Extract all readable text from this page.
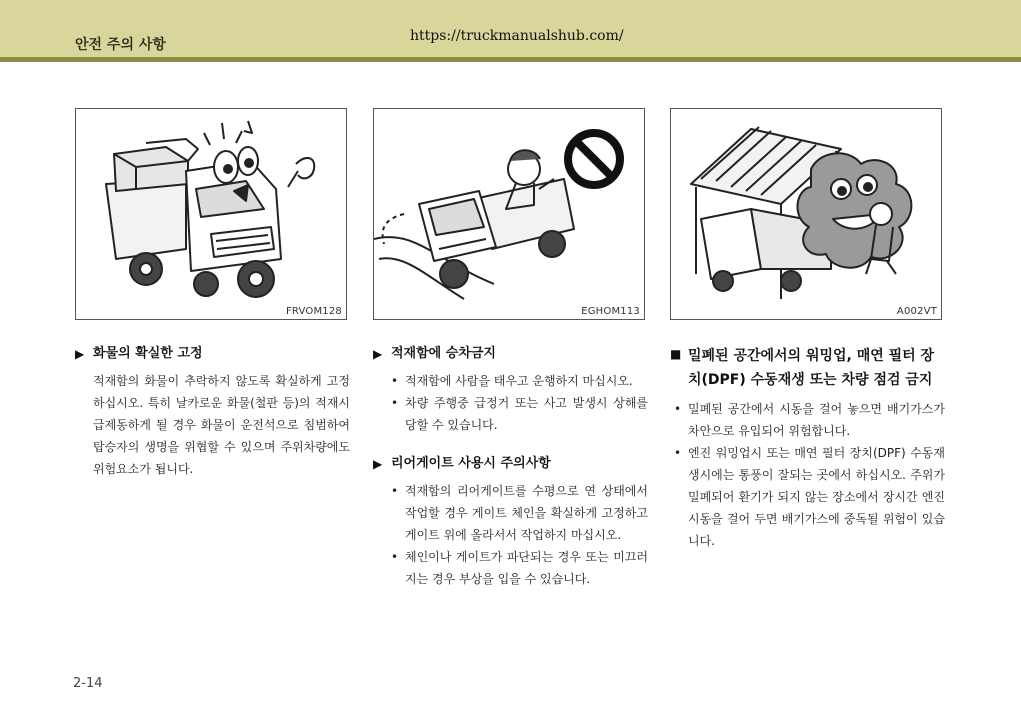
안전 주의 사항
https://truckmanualshub.com/
FRVOM128	EGHOM113	A002VT
▶ 화물의 확실한 고정

적재함의 화물이 추락하지 않도록 확실하게 고정하십시오. 특히 날카로운 화물(철판 등)의 적재시 급제동하게 될 경우 화물이 운전석으로 침범하여 탑승자의 생명을 위협할 수 있으며 주위차량에도 위험요소가 됩니다.

▶ 적재함에 승차금지
• 적재함에 사람을 태우고 운행하지 마십시오.
• 차량 주행중 급정거 또는 사고 발생시 상해를 당할 수 있습니다.
▶ 리어게이트 사용시 주의사항
• 적재함의 리어게이트를 수평으로 연 상태에서 작업할 경우 게이트 체인을 확실하게 고정하고 게이트 위에 올라서서 작업하지 마십시오.
• 체인이나 게이트가 파단되는 경우 또는 미끄러지는 경우 부상을 입을 수 있습니다.
■ 밀폐된 공간에서의 워밍업, 매연 필터 장치(DPF) 수동재생 또는 차량 점검 금지
• 밀폐된 공간에서 시동을 걸어 놓으면 배기가스가 차안으로 유입되어 위험합니다.
• 엔진 워밍업시 또는 매연 필터 장치(DPF) 수동재생시에는 통풍이 잘되는 곳에서 하십시오. 주위가 밀폐되어 환기가 되지 않는 장소에서 장시간 엔진 시동을 걸어 두면 배기가스에 중독될 위험이 있습니다.
2-14
